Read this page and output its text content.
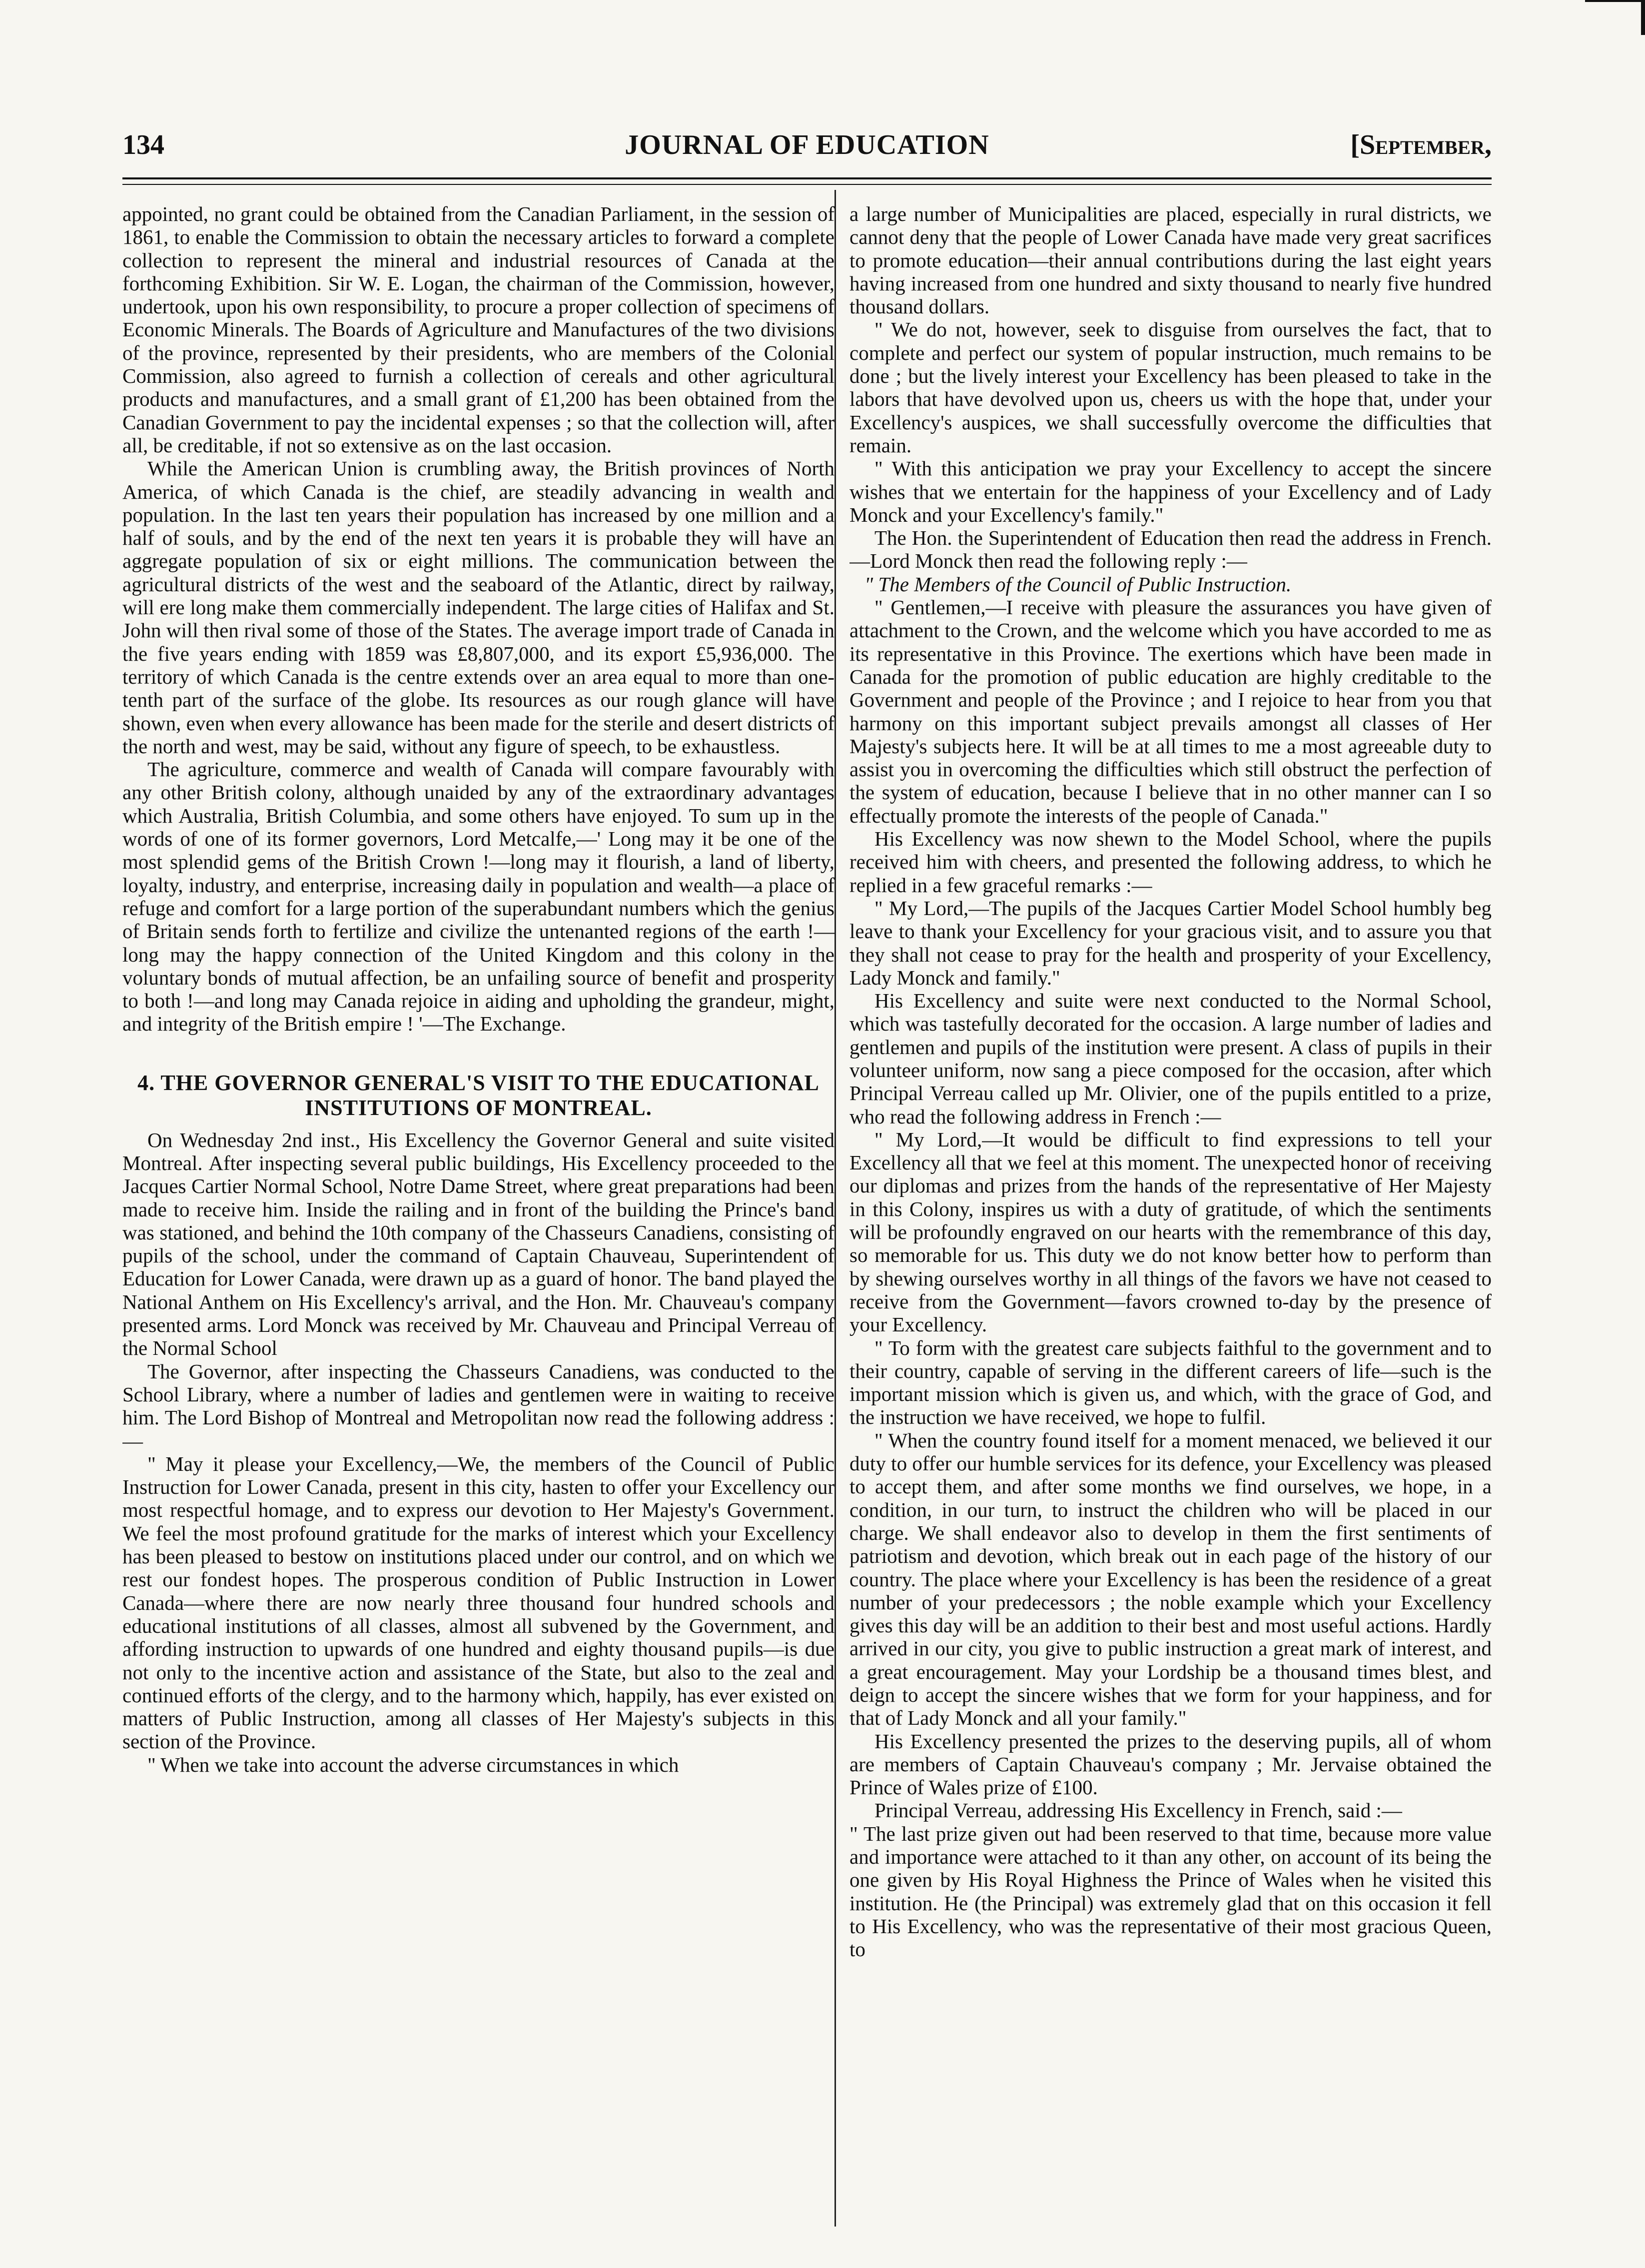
134	JOURNAL OF EDUCATION	[September,

appointed, no grant could be obtained from the Canadian Parliament, in the session of 1861, to enable the Commission to obtain the necessary articles to forward a complete collection to represent the mineral and industrial resources of Canada at the forthcoming Exhibition. Sir W. E. Logan, the chairman of the Commission, however, undertook, upon his own responsibility, to procure a proper collection of specimens of Economic Minerals. The Boards of Agriculture and Manufactures of the two divisions of the province, represented by their presidents, who are members of the Colonial Commission, also agreed to furnish a collection of cereals and other agricultural products and manufactures, and a small grant of £1,200 has been obtained from the Canadian Government to pay the incidental expenses ; so that the collection will, after all, be creditable, if not so extensive as on the last occasion.

While the American Union is crumbling away, the British provinces of North America, of which Canada is the chief, are steadily advancing in wealth and population. In the last ten years their population has increased by one million and a half of souls, and by the end of the next ten years it is probable they will have an aggregate population of six or eight millions. The communication between the agricultural districts of the west and the seaboard of the Atlantic, direct by railway, will ere long make them commercially independent. The large cities of Halifax and St. John will then rival some of those of the States. The average import trade of Canada in the five years ending with 1859 was £8,807,000, and its export £5,936,000. The territory of which Canada is the centre extends over an area equal to more than one-tenth part of the surface of the globe. Its resources as our rough glance will have shown, even when every allowance has been made for the sterile and desert districts of the north and west, may be said, without any figure of speech, to be exhaustless.

The agriculture, commerce and wealth of Canada will compare favourably with any other British colony, although unaided by any of the extraordinary advantages which Australia, British Columbia, and some others have enjoyed. To sum up in the words of one of its former governors, Lord Metcalfe,—' Long may it be one of the most splendid gems of the British Crown !—long may it flourish, a land of liberty, loyalty, industry, and enterprise, increasing daily in population and wealth—a place of refuge and comfort for a large portion of the superabundant numbers which the genius of Britain sends forth to fertilize and civilize the untenanted regions of the earth !—long may the happy connection of the United Kingdom and this colony in the voluntary bonds of mutual affection, be an unfailing source of benefit and prosperity to both !—and long may Canada rejoice in aiding and upholding the grandeur, might, and integrity of the British empire ! '—The Exchange.

4. THE GOVERNOR GENERAL'S VISIT TO THE EDUCATIONAL INSTITUTIONS OF MONTREAL.

On Wednesday 2nd inst., His Excellency the Governor General and suite visited Montreal. After inspecting several public buildings, His Excellency proceeded to the Jacques Cartier Normal School, Notre Dame Street, where great preparations had been made to receive him. Inside the railing and in front of the building the Prince's band was stationed, and behind the 10th company of the Chasseurs Canadiens, consisting of pupils of the school, under the command of Captain Chauveau, Superintendent of Education for Lower Canada, were drawn up as a guard of honor. The band played the National Anthem on His Excellency's arrival, and the Hon. Mr. Chauveau's company presented arms. Lord Monck was received by Mr. Chauveau and Principal Verreau of the Normal School

The Governor, after inspecting the Chasseurs Canadiens, was conducted to the School Library, where a number of ladies and gentlemen were in waiting to receive him. The Lord Bishop of Montreal and Metropolitan now read the following address :—

" May it please your Excellency,—We, the members of the Council of Public Instruction for Lower Canada, present in this city, hasten to offer your Excellency our most respectful homage, and to express our devotion to Her Majesty's Government. We feel the most profound gratitude for the marks of interest which your Excellency has been pleased to bestow on institutions placed under our control, and on which we rest our fondest hopes. The prosperous condition of Public Instruction in Lower Canada—where there are now nearly three thousand four hundred schools and educational institutions of all classes, almost all subvened by the Government, and affording instruction to upwards of one hundred and eighty thousand pupils—is due not only to the incentive action and assistance of the State, but also to the zeal and continued efforts of the clergy, and to the harmony which, happily, has ever existed on matters of Public Instruction, among all classes of Her Majesty's subjects in this section of the Province.

" When we take into account the adverse circumstances in which

a large number of Municipalities are placed, especially in rural districts, we cannot deny that the people of Lower Canada have made very great sacrifices to promote education—their annual contributions during the last eight years having increased from one hundred and sixty thousand to nearly five hundred thousand dollars.

" We do not, however, seek to disguise from ourselves the fact, that to complete and perfect our system of popular instruction, much remains to be done ; but the lively interest your Excellency has been pleased to take in the labors that have devolved upon us, cheers us with the hope that, under your Excellency's auspices, we shall successfully overcome the difficulties that remain.

" With this anticipation we pray your Excellency to accept the sincere wishes that we entertain for the happiness of your Excellency and of Lady Monck and your Excellency's family."

The Hon. the Superintendent of Education then read the address in French.—Lord Monck then read the following reply :—

" The Members of the Council of Public Instruction.

" Gentlemen,—I receive with pleasure the assurances you have given of attachment to the Crown, and the welcome which you have accorded to me as its representative in this Province. The exertions which have been made in Canada for the promotion of public education are highly creditable to the Government and people of the Province ; and I rejoice to hear from you that harmony on this important subject prevails amongst all classes of Her Majesty's subjects here. It will be at all times to me a most agreeable duty to assist you in overcoming the difficulties which still obstruct the perfection of the system of education, because I believe that in no other manner can I so effectually promote the interests of the people of Canada."

His Excellency was now shewn to the Model School, where the pupils received him with cheers, and presented the following address, to which he replied in a few graceful remarks :—

" My Lord,—The pupils of the Jacques Cartier Model School humbly beg leave to thank your Excellency for your gracious visit, and to assure you that they shall not cease to pray for the health and prosperity of your Excellency, Lady Monck and family."

His Excellency and suite were next conducted to the Normal School, which was tastefully decorated for the occasion. A large number of ladies and gentlemen and pupils of the institution were present. A class of pupils in their volunteer uniform, now sang a piece composed for the occasion, after which Principal Verreau called up Mr. Olivier, one of the pupils entitled to a prize, who read the following address in French :—

" My Lord,—It would be difficult to find expressions to tell your Excellency all that we feel at this moment. The unexpected honor of receiving our diplomas and prizes from the hands of the representative of Her Majesty in this Colony, inspires us with a duty of gratitude, of which the sentiments will be profoundly engraved on our hearts with the remembrance of this day, so memorable for us. This duty we do not know better how to perform than by shewing ourselves worthy in all things of the favors we have not ceased to receive from the Government—favors crowned to-day by the presence of your Excellency.

" To form with the greatest care subjects faithful to the government and to their country, capable of serving in the different careers of life—such is the important mission which is given us, and which, with the grace of God, and the instruction we have received, we hope to fulfil.

" When the country found itself for a moment menaced, we believed it our duty to offer our humble services for its defence, your Excellency was pleased to accept them, and after some months we find ourselves, we hope, in a condition, in our turn, to instruct the children who will be placed in our charge. We shall endeavor also to develop in them the first sentiments of patriotism and devotion, which break out in each page of the history of our country. The place where your Excellency is has been the residence of a great number of your predecessors ; the noble example which your Excellency gives this day will be an addition to their best and most useful actions. Hardly arrived in our city, you give to public instruction a great mark of interest, and a great encouragement. May your Lordship be a thousand times blest, and deign to accept the sincere wishes that we form for your happiness, and for that of Lady Monck and all your family."

His Excellency presented the prizes to the deserving pupils, all of whom are members of Captain Chauveau's company ; Mr. Jervaise obtained the Prince of Wales prize of £100.

Principal Verreau, addressing His Excellency in French, said :—

" The last prize given out had been reserved to that time, because more value and importance were attached to it than any other, on account of its being the one given by His Royal Highness the Prince of Wales when he visited this institution. He (the Principal) was extremely glad that on this occasion it fell to His Excellency, who was the representative of their most gracious Queen, to
